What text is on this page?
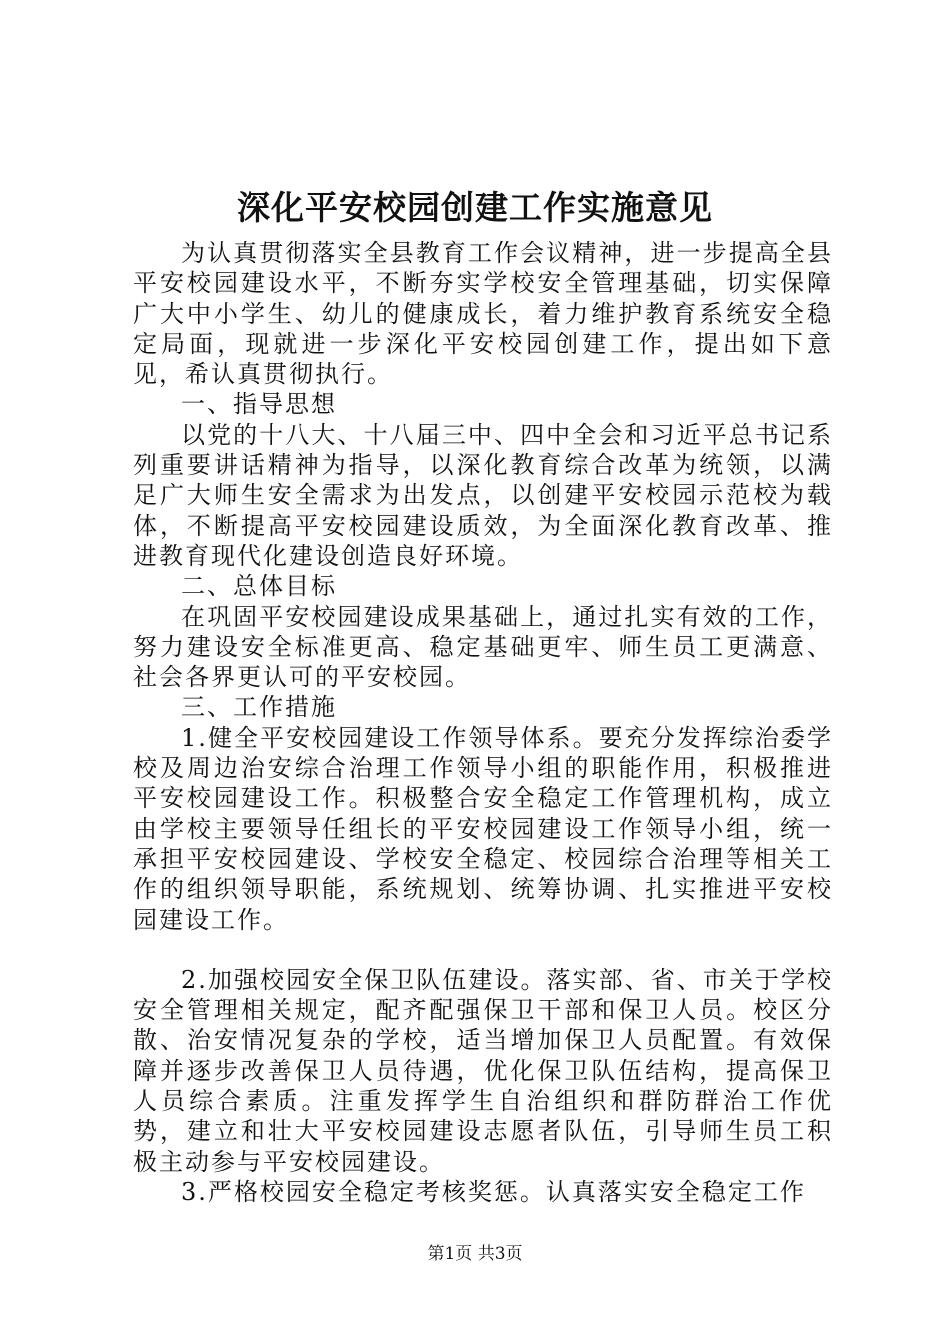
深化平安校园创建工作实施意见

为认真贯彻落实全县教育工作会议精神，进一步提高全县平安校园建设水平，不断夯实学校安全管理基础，切实保障广大中小学生、幼儿的健康成长，着力维护教育系统安全稳定局面，现就进一步深化平安校园创建工作，提出如下意见，希认真贯彻执行。

一、指导思想

以党的十八大、十八届三中、四中全会和习近平总书记系列重要讲话精神为指导，以深化教育综合改革为统领，以满足广大师生安全需求为出发点，以创建平安校园示范校为载体，不断提高平安校园建设质效，为全面深化教育改革、推进教育现代化建设创造良好环境。

二、总体目标

在巩固平安校园建设成果基础上，通过扎实有效的工作，努力建设安全标准更高、稳定基础更牢、师生员工更满意、社会各界更认可的平安校园。

三、工作措施

1.健全平安校园建设工作领导体系。要充分发挥综治委学校及周边治安综合治理工作领导小组的职能作用，积极推进平安校园建设工作。积极整合安全稳定工作管理机构，成立由学校主要领导任组长的平安校园建设工作领导小组，统一承担平安校园建设、学校安全稳定、校园综合治理等相关工作的组织领导职能，系统规划、统筹协调、扎实推进平安校园建设工作。

2.加强校园安全保卫队伍建设。落实部、省、市关于学校安全管理相关规定，配齐配强保卫干部和保卫人员。校区分散、治安情况复杂的学校，适当增加保卫人员配置。有效保障并逐步改善保卫人员待遇，优化保卫队伍结构，提高保卫人员综合素质。注重发挥学生自治组织和群防群治工作优势，建立和壮大平安校园建设志愿者队伍，引导师生员工积极主动参与平安校园建设。

3.严格校园安全稳定考核奖惩。认真落实安全稳定工作

第1页 共3页
